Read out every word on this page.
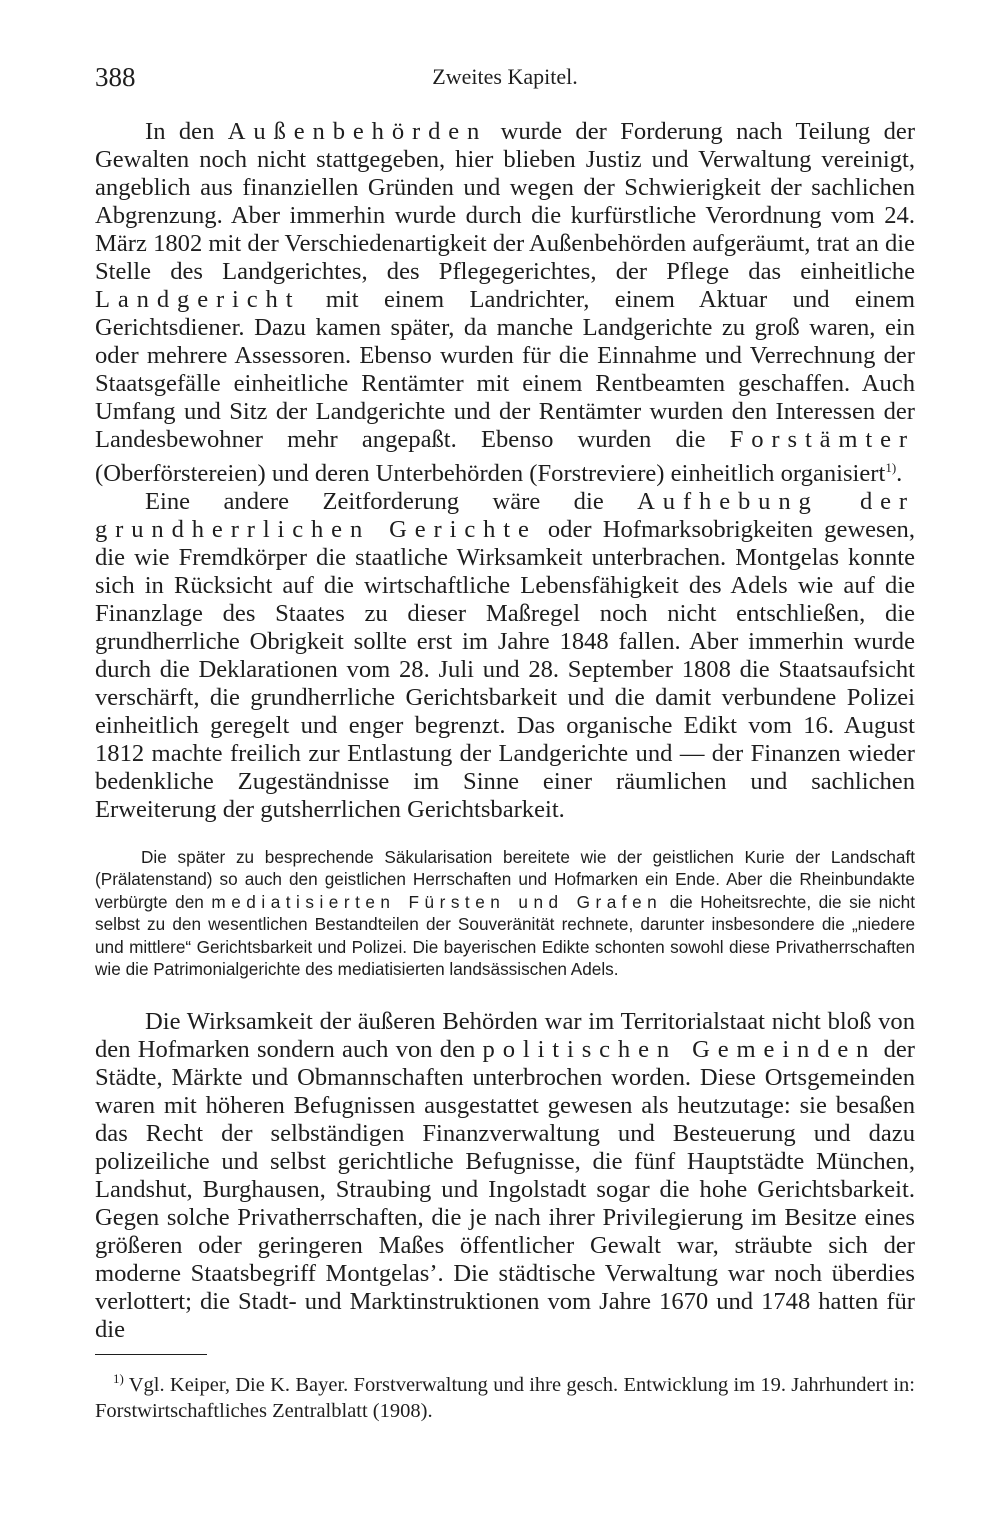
388	Zweites Kapitel.

In den Außenbehörden wurde der Forderung nach Teilung der Gewalten noch nicht stattgegeben, hier blieben Justiz und Verwaltung vereinigt, angeblich aus finanziellen Gründen und wegen der Schwierigkeit der sachlichen Abgrenzung. Aber immerhin wurde durch die kurfürstliche Verordnung vom 24. März 1802 mit der Verschiedenartigkeit der Außenbehörden aufgeräumt, trat an die Stelle des Landgerichtes, des Pflegegerichtes, der Pflege das einheitliche Landgericht mit einem Landrichter, einem Aktuar und einem Gerichtsdiener. Dazu kamen später, da manche Landgerichte zu groß waren, ein oder mehrere Assessoren. Ebenso wurden für die Einnahme und Verrechnung der Staatsgefälle einheitliche Rentämter mit einem Rentbeamten geschaffen. Auch Umfang und Sitz der Landgerichte und der Rentämter wurden den Interessen der Landesbewohner mehr angepaßt. Ebenso wurden die Forstämter (Oberförstereien) und deren Unterbehörden (Forstreviere) einheitlich organisiert$^{1)}$.

Eine andere Zeitforderung wäre die Aufhebung der grundherrlichen Gerichte oder Hofmarksobrigkeiten gewesen, die wie Fremdkörper die staatliche Wirksamkeit unterbrachen. Montgelas konnte sich in Rücksicht auf die wirtschaftliche Lebensfähigkeit des Adels wie auf die Finanzlage des Staates zu dieser Maßregel noch nicht entschließen, die grundherrliche Obrigkeit sollte erst im Jahre 1848 fallen. Aber immerhin wurde durch die Deklarationen vom 28. Juli und 28. September 1808 die Staatsaufsicht verschärft, die grundherrliche Gerichtsbarkeit und die damit verbundene Polizei einheitlich geregelt und enger begrenzt. Das organische Edikt vom 16. August 1812 machte freilich zur Entlastung der Landgerichte und — der Finanzen wieder bedenkliche Zugeständnisse im Sinne einer räumlichen und sachlichen Erweiterung der gutsherrlichen Gerichtsbarkeit.

Die später zu besprechende Säkularisation bereitete wie der geistlichen Kurie der Landschaft (Prälatenstand) so auch den geistlichen Herrschaften und Hofmarken ein Ende. Aber die Rheinbundakte verbürgte den mediatisierten Fürsten und Grafen die Hoheitsrechte, die sie nicht selbst zu den wesentlichen Bestandteilen der Souveränität rechnete, darunter insbesondere die „niedere und mittlere“ Gerichtsbarkeit und Polizei. Die bayerischen Edikte schonten sowohl diese Privatherrschaften wie die Patrimonialgerichte des mediatisierten landsässischen Adels.

Die Wirksamkeit der äußeren Behörden war im Territorialstaat nicht bloß von den Hofmarken sondern auch von den politischen Gemeinden der Städte, Märkte und Obmannschaften unterbrochen worden. Diese Ortsgemeinden waren mit höheren Befugnissen ausgestattet gewesen als heutzutage: sie besaßen das Recht der selbständigen Finanzverwaltung und Besteuerung und dazu polizeiliche und selbst gerichtliche Befugnisse, die fünf Hauptstädte München, Landshut, Burghausen, Straubing und Ingolstadt sogar die hohe Gerichtsbarkeit. Gegen solche Privatherrschaften, die je nach ihrer Privilegierung im Besitze eines größeren oder geringeren Maßes öffentlicher Gewalt war, sträubte sich der moderne Staatsbegriff Montgelas’. Die städtische Verwaltung war noch überdies verlottert; die Stadt- und Marktinstruktionen vom Jahre 1670 und 1748 hatten für die

$^{1)}$ Vgl. Keiper, Die K. Bayer. Forstverwaltung und ihre gesch. Entwicklung im 19. Jahrhundert in: Forstwirtschaftliches Zentralblatt (1908).
